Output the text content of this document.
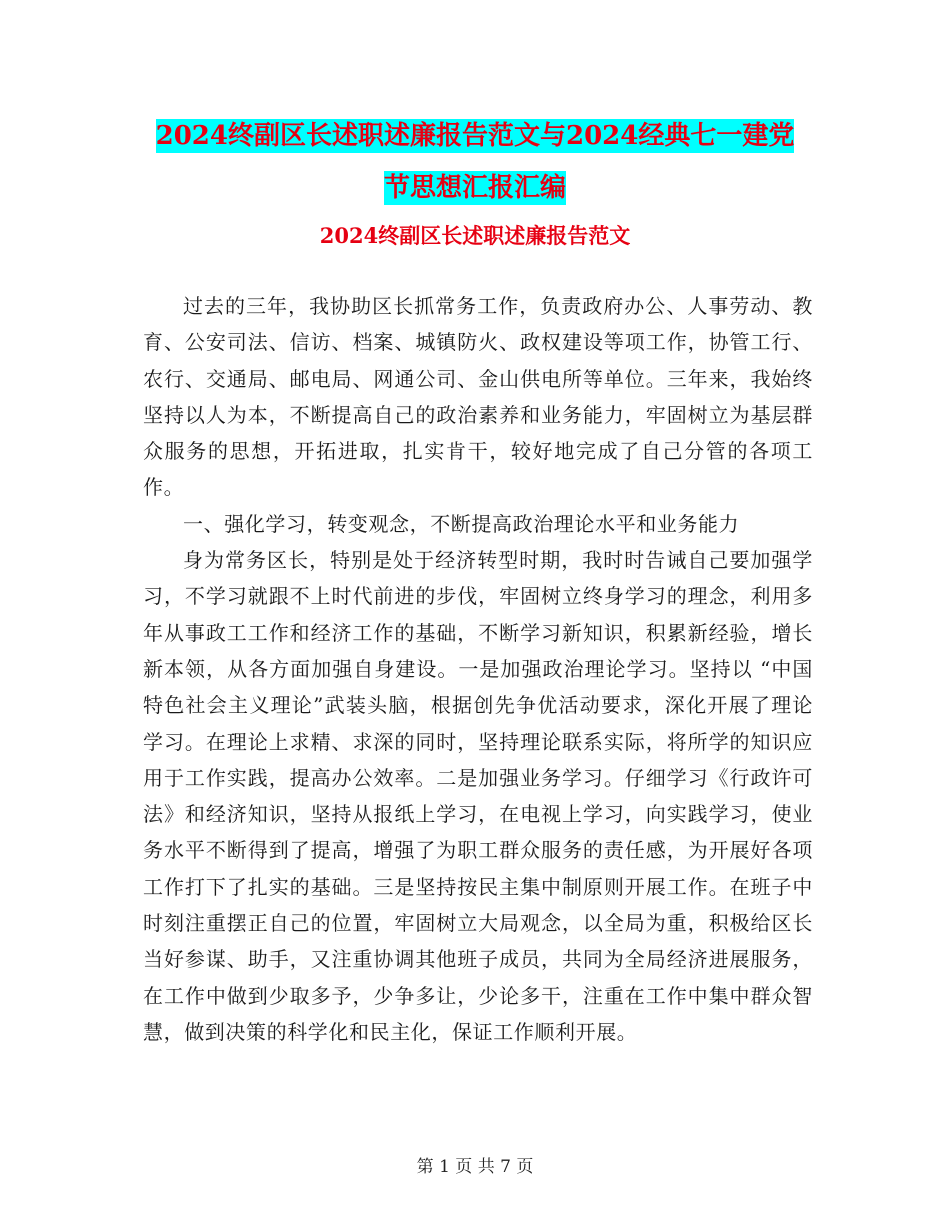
2024终副区长述职述廉报告范文与2024经典七一建党
节思想汇报汇编
2024终副区长述职述廉报告范文

过去的三年，我协助区长抓常务工作，负责政府办公、人事劳动、教育、公安司法、信访、档案、城镇防火、政权建设等项工作，协管工行、农行、交通局、邮电局、网通公司、金山供电所等单位。三年来，我始终坚持以人为本，不断提高自己的政治素养和业务能力，牢固树立为基层群众服务的思想，开拓进取，扎实肯干，较好地完成了自己分管的各项工作。

一、强化学习，转变观念，不断提高政治理论水平和业务能力

身为常务区长，特别是处于经济转型时期，我时时告诫自己要加强学习，不学习就跟不上时代前进的步伐，牢固树立终身学习的理念，利用多年从事政工工作和经济工作的基础，不断学习新知识，积累新经验，增长新本领，从各方面加强自身建设。一是加强政治理论学习。坚持以 “中国特色社会主义理论”武装头脑，根据创先争优活动要求，深化开展了理论学习。在理论上求精、求深的同时，坚持理论联系实际，将所学的知识应用于工作实践，提高办公效率。二是加强业务学习。仔细学习《行政许可法》和经济知识，坚持从报纸上学习，在电视上学习，向实践学习，使业务水平不断得到了提高，增强了为职工群众服务的责任感，为开展好各项工作打下了扎实的基础。三是坚持按民主集中制原则开展工作。在班子中时刻注重摆正自己的位置，牢固树立大局观念，以全局为重，积极给区长当好参谋、助手，又注重协调其他班子成员，共同为全局经济进展服务，在工作中做到少取多予，少争多让，少论多干，注重在工作中集中群众智慧，做到决策的科学化和民主化，保证工作顺利开展。

第 1 页 共 7 页
